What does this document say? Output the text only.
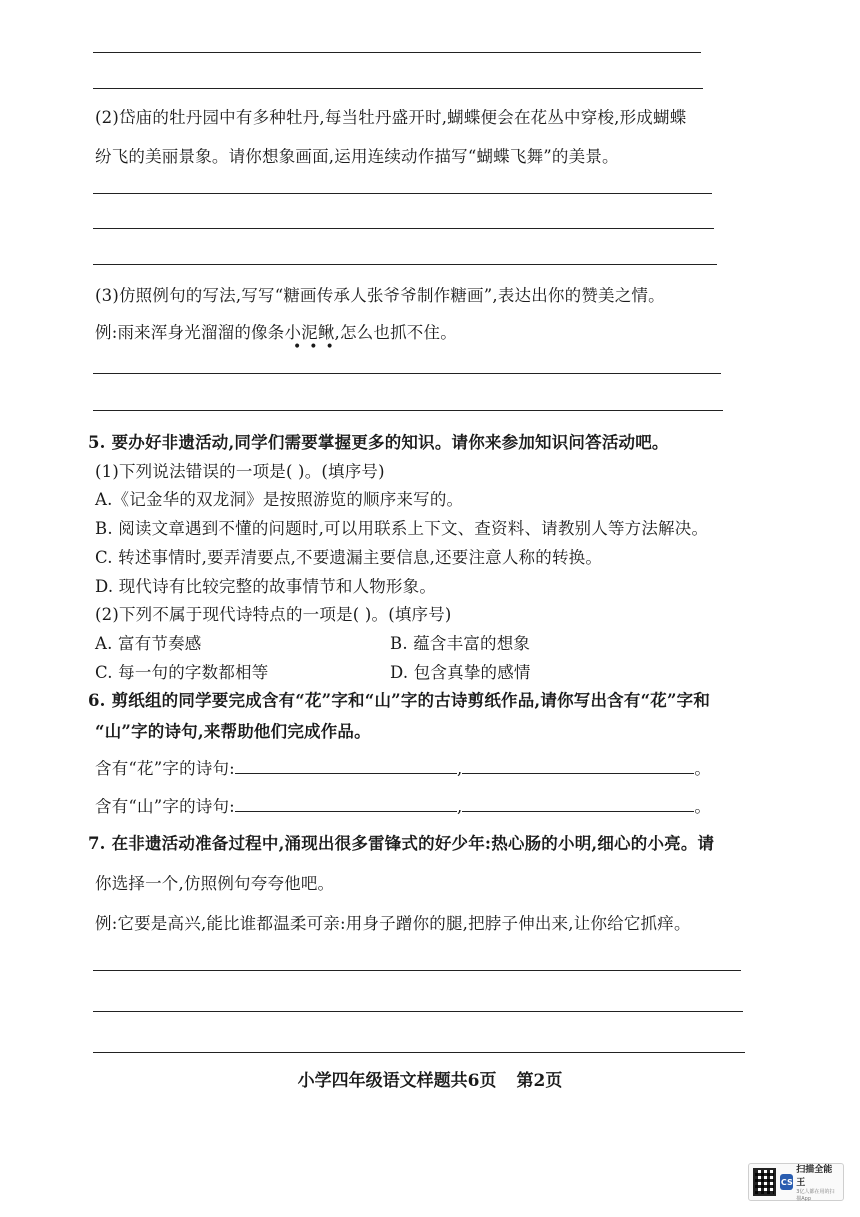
(2)岱庙的牡丹园中有多种牡丹,每当牡丹盛开时,蝴蝶便会在花丛中穿梭,形成蝴蝶
纷飞的美丽景象。请你想象画面,运用连续动作描写“蝴蝶飞舞”的美景。
(3)仿照例句的写法,写写“糖画传承人张爷爷制作糖画”,表达出你的赞美之情。
例:雨来浑身光溜溜的像条小泥鳅,怎么也抓不住。
•••
5. 要办好非遗活动,同学们需要掌握更多的知识。请你来参加知识问答活动吧。
(1)下列说法错误的一项是( )。(填序号)
A.《记金华的双龙洞》是按照游览的顺序来写的。
B. 阅读文章遇到不懂的问题时,可以用联系上下文、查资料、请教别人等方法解决。
C. 转述事情时,要弄清要点,不要遗漏主要信息,还要注意人称的转换。
D. 现代诗有比较完整的故事情节和人物形象。
(2)下列不属于现代诗特点的一项是( )。(填序号)
A. 富有节奏感	B. 蕴含丰富的想象
C. 每一句的字数都相等	D. 包含真挚的感情
6. 剪纸组的同学要完成含有“花”字和“山”字的古诗剪纸作品,请你写出含有“花”字和
“山”字的诗句,来帮助他们完成作品。
含有“花”字的诗句:	,	。
含有“山”字的诗句:	,	。
7. 在非遗活动准备过程中,涌现出很多雷锋式的好少年:热心肠的小明,细心的小亮。请
你选择一个,仿照例句夸夸他吧。
例:它要是高兴,能比谁都温柔可亲:用身子蹭你的腿,把脖子伸出来,让你给它抓痒。
小学四年级语文样题共6页 第2页
CS
扫描全能王
3亿人都在用的扫描App
